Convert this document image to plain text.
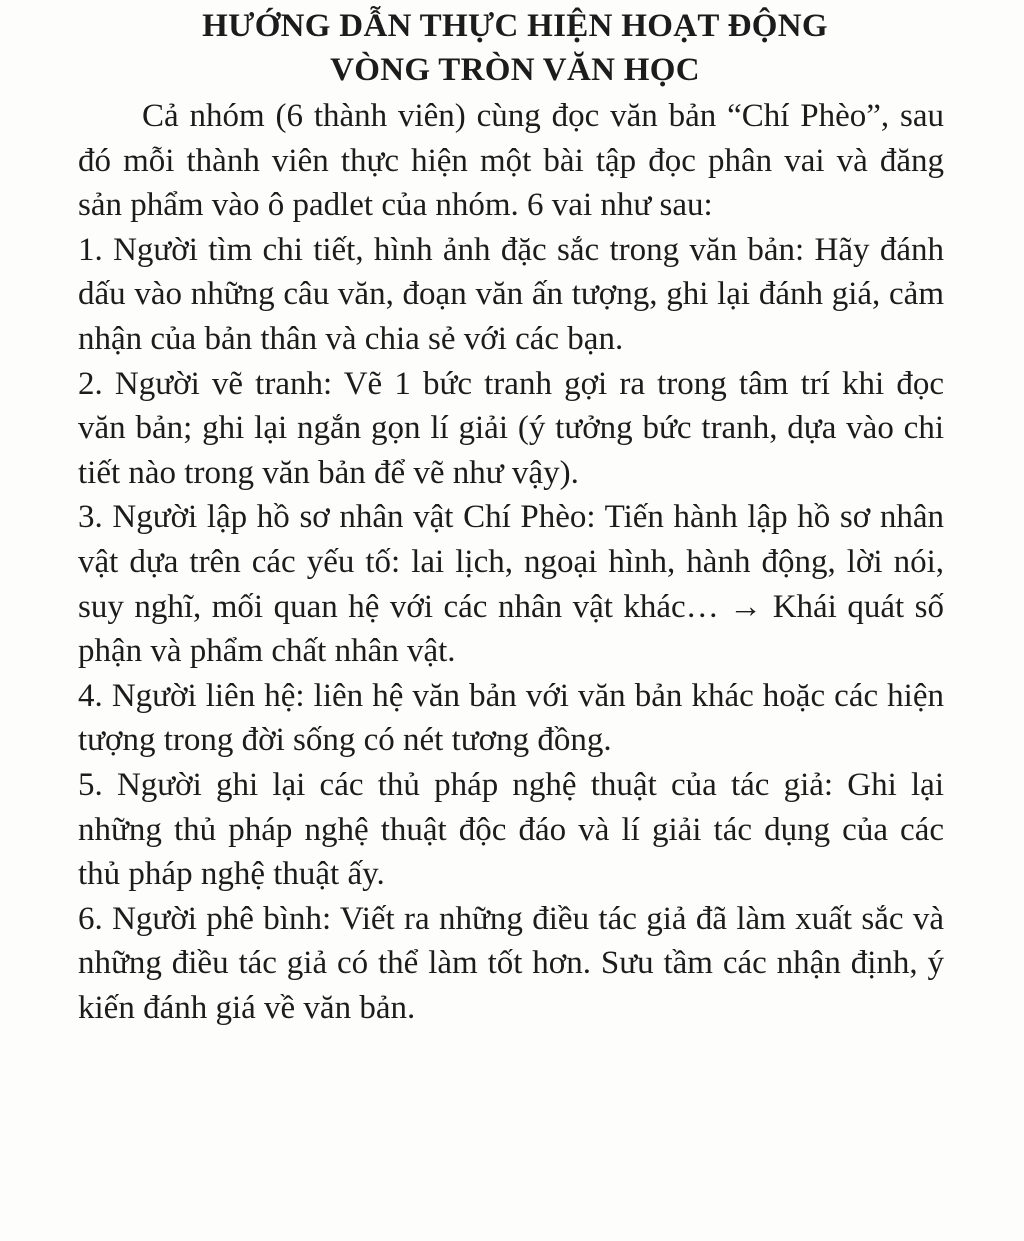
HƯỚNG DẪN THỰC HIỆN HOẠT ĐỘNG
VÒNG TRÒN VĂN HỌC

Cả nhóm (6 thành viên) cùng đọc văn bản “Chí Phèo”, sau đó mỗi thành viên thực hiện một bài tập đọc phân vai và đăng sản phẩm vào ô padlet của nhóm. 6 vai như sau:

1. Người tìm chi tiết, hình ảnh đặc sắc trong văn bản: Hãy đánh dấu vào những câu văn, đoạn văn ấn tượng, ghi lại đánh giá, cảm nhận của bản thân và chia sẻ với các bạn.

2. Người vẽ tranh: Vẽ 1 bức tranh gợi ra trong tâm trí khi đọc văn bản; ghi lại ngắn gọn lí giải (ý tưởng bức tranh, dựa vào chi tiết nào trong văn bản để vẽ như vậy).

3. Người lập hồ sơ nhân vật Chí Phèo: Tiến hành lập hồ sơ nhân vật dựa trên các yếu tố: lai lịch, ngoại hình, hành động, lời nói, suy nghĩ, mối quan hệ với các nhân vật khác… → Khái quát số phận và phẩm chất nhân vật.

4. Người liên hệ: liên hệ văn bản với văn bản khác hoặc các hiện tượng trong đời sống có nét tương đồng.

5. Người ghi lại các thủ pháp nghệ thuật của tác giả: Ghi lại những thủ pháp nghệ thuật độc đáo và lí giải tác dụng của các thủ pháp nghệ thuật ấy.

6. Người phê bình: Viết ra những điều tác giả đã làm xuất sắc và những điều tác giả có thể làm tốt hơn. Sưu tầm các nhận định, ý kiến đánh giá về văn bản.
